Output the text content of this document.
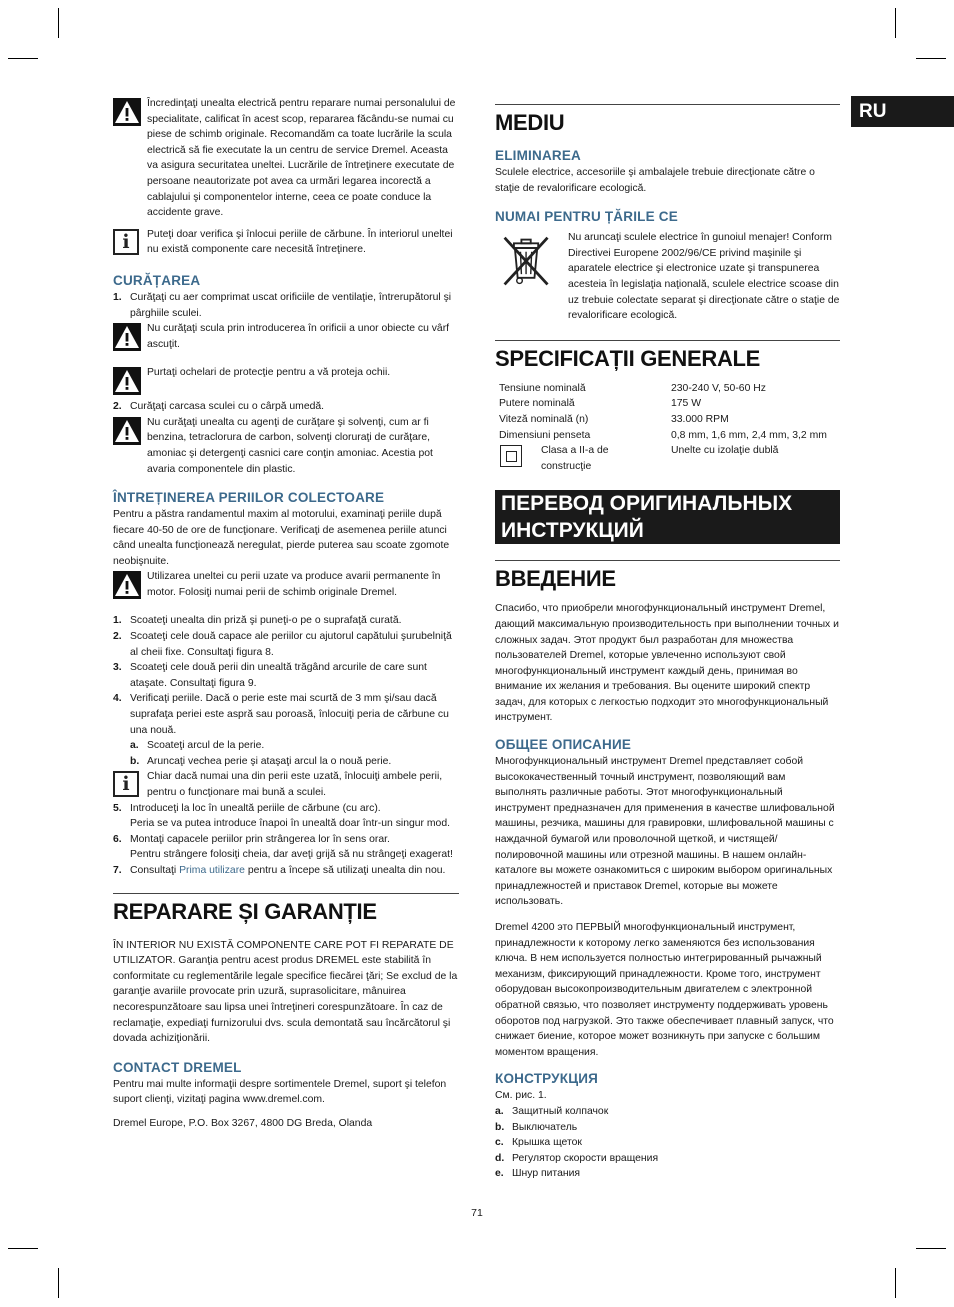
RU

Încredinţaţi unealta electrică pentru reparare numai personalului de specialitate, calificat în acest scop, repararea făcându-se numai cu piese de schimb originale. Recomandăm ca toate lucrările la scula electrică să fie executate la un centru de service Dremel. Aceasta va asigura securitatea uneltei. Lucrările de întreţinere executate de persoane neautorizate pot avea ca urmări legarea incorectă a cablajului şi componentelor interne, ceea ce poate conduce la accidente grave.

i	Puteţi doar verifica şi înlocui periile de cărbune. În interiorul uneltei nu există componente care necesită întreţinere.

CURĂȚAREA
1. Curăţaţi cu aer comprimat uscat orificiile de ventilaţie, întrerupătorul şi pârghiile sculei.

Nu curăţaţi scula prin introducerea în orificii a unor obiecte cu vârf ascuţit.

Purtaţi ochelari de protecţie pentru a vă proteja ochii.

2. Curăţaţi carcasa sculei cu o cârpă umedă.

Nu curăţaţi unealta cu agenţi de curăţare şi solvenţi, cum ar fi benzina, tetraclorura de carbon, solvenţi cloruraţi de curăţare, amoniac şi detergenţi casnici care conţin amoniac. Acestia pot avaria componentele din plastic.

ÎNTREȚINEREA PERIILOR COLECTOARE

Pentru a păstra randamentul maxim al motorului, examinaţi periile după fiecare 40-50 de ore de funcţionare. Verificaţi de asemenea periile atunci când unealta funcţionează neregulat, pierde puterea sau scoate zgomote neobişnuite.

Utilizarea uneltei cu perii uzate va produce avarii permanente în motor. Folosiţi numai perii de schimb originale Dremel.

1. Scoateţi unealta din priză şi puneţi-o pe o suprafaţă curată.

2. Scoateţi cele două capace ale periilor cu ajutorul capătului şurubelniţă al cheii fixe. Consultaţi figura 8.

3. Scoateţi cele două perii din unealtă trăgând arcurile de care sunt ataşate. Consultaţi figura 9.

4. Verificaţi periile. Dacă o perie este mai scurtă de 3 mm şi/sau dacă suprafaţa periei este aspră sau poroasă, înlocuiţi peria de cărbune cu una nouă.

a. Scoateţi arcul de la perie.

b. Aruncaţi vechea perie şi ataşaţi arcul la o nouă perie.

i	Chiar dacă numai una din perii este uzată, înlocuiţi ambele perii, pentru o funcţionare mai bună a sculei.

5. Introduceţi la loc în unealtă periile de cărbune (cu arc).

Peria se va putea introduce înapoi în unealtă doar într-un singur mod.

6. Montaţi capacele periilor prin strângerea lor în sens orar.

Pentru strângere folosiţi cheia, dar aveţi grijă să nu strângeţi exagerat!

7. Consultaţi Prima utilizare pentru a începe să utilizaţi unealta din nou.

REPARARE ȘI GARANȚIE

ÎN INTERIOR NU EXISTĂ COMPONENTE CARE POT FI REPARATE DE UTILIZATOR. Garanţia pentru acest produs DREMEL este stabilită în conformitate cu reglementările legale specifice fiecărei ţări; Se exclud de la garanţie avariile provocate prin uzură, suprasolicitare, mânuirea necorespunzătoare sau lipsa unei întreţineri corespunzătoare. În caz de reclamaţie, expediaţi furnizorului dvs. scula demontată sau încărcătorul şi dovada achiziţionării.

CONTACT DREMEL

Pentru mai multe informaţii despre sortimentele Dremel, suport şi telefon suport clienţi, vizitaţi pagina www.dremel.com.

Dremel Europe, P.O. Box 3267, 4800 DG Breda, Olanda

MEDIU
ELIMINAREA

Sculele electrice, accesoriile şi ambalajele trebuie direcţionate către o staţie de revalorificare ecologică.

NUMAI PENTRU ȚĂRILE CE

Nu aruncaţi sculele electrice în gunoiul menajer! Conform Directivei Europene 2002/96/CE privind maşinile şi aparatele electrice şi electronice uzate şi transpunerea acesteia în legislaţia naţională, sculele electrice scoase din uz trebuie colectate separat şi direcţionate către o staţie de revalorificare ecologică.

SPECIFICAȚII GENERALE
Tensiune nominală	230-240 V, 50-60 Hz
Putere nominală	175 W
Viteză nominală (n)	33.000 RPM
Dimensiuni penseta	0,8 mm, 1,6 mm, 2,4 mm, 3,2 mm

Clasa a II-a de construcţie	Unelte cu izolaţie dublă
ПЕРЕВОД ОРИГИНАЛЬНЫХ ИНСТРУКЦИЙ
ВВЕДЕНИЕ

Спасибо, что приобрели многофункциональный инструмент Dremel, дающий максимальную производительность при выполнении точных и сложных задач. Этот продукт был разработан для множества пользователей Dremel, которые увлеченно используют свой многофункциональный инструмент каждый день, принимая во внимание их желания и требования. Вы оцените широкий спектр задач, для которых с легкостью подходит это многофункциональный инструмент.

ОБЩЕЕ ОПИСАНИЕ

Многофункциональный инструмент Dremel представляет собой высококачественный точный инструмент, позволяющий вам выполнять различные работы. Этот многофункциональный инструмент предназначен для применения в качестве шлифовальной машины, резчика, машины для гравировки, шлифовальной машины с наждачной бумагой или проволочной щеткой, и чистящей/полировочной машины или отрезной машины. В нашем онлайн-каталоге вы можете ознакомиться с широким выбором оригинальных принадлежностей и приставок Dremel, которые вы можете использовать.

Dremel 4200 это ПЕРВЫЙ многофункциональный инструмент, принадлежности к которому легко заменяются без использования ключа. В нем используется полностью интегрированный рычажный механизм, фиксирующий принадлежности. Кроме того, инструмент оборудован высокопроизводительным двигателем с электронной обратной связью, что позволяет инструменту поддерживать уровень оборотов под нагрузкой. Это также обеспечивает плавный запуск, что снижает биение, которое может возникнуть при запуске с большим моментом вращения.

КОНСТРУКЦИЯ

См. рис. 1.

a. Защитный колпачок

b. Выключатель

c. Крышка щеток

d. Регулятор скорости вращения

e. Шнур питания

71
